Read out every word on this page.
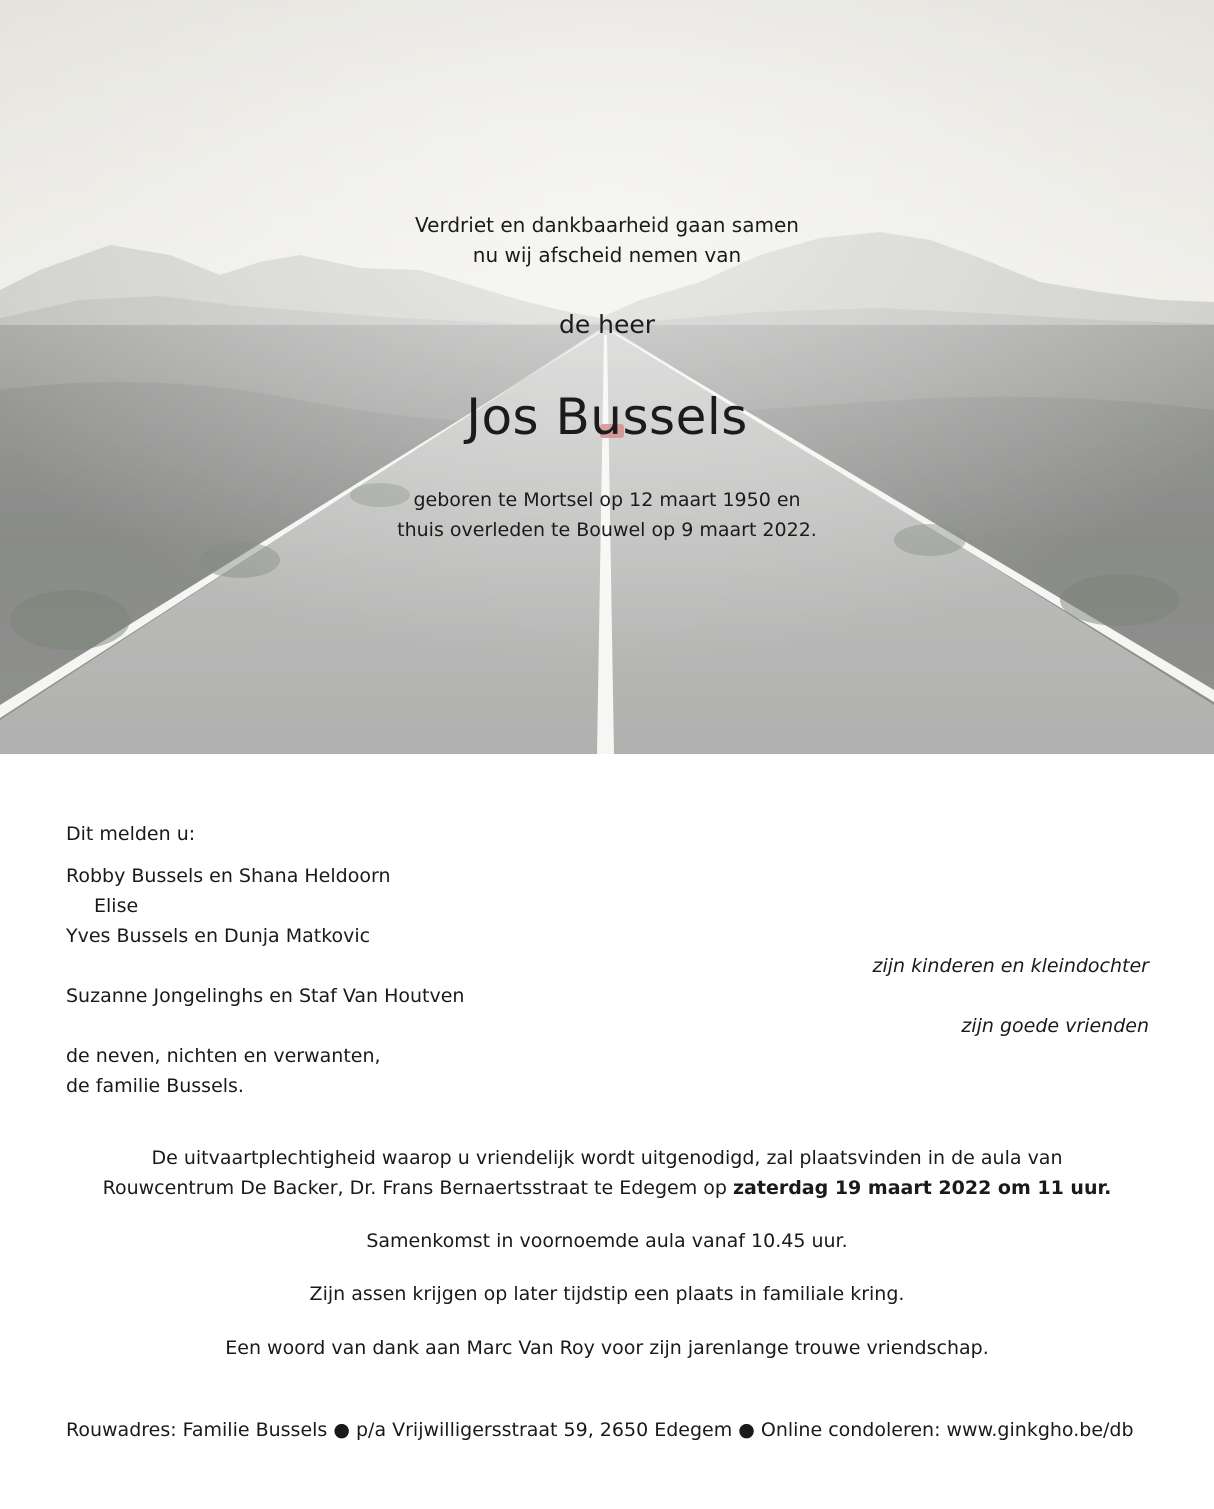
Verdriet en dankbaarheid gaan samen
nu wij afscheid nemen van
de heer
Jos Bussels
geboren te Mortsel op 12 maart 1950 en
thuis overleden te Bouwel op 9 maart 2022.
Dit melden u:
Robby Bussels en Shana Heldoorn
Elise
Yves Bussels en Dunja Matkovic
zijn kinderen en kleindochter
Suzanne Jongelinghs en Staf Van Houtven
zijn goede vrienden
de neven, nichten en verwanten,
de familie Bussels.
De uitvaartplechtigheid waarop u vriendelijk wordt uitgenodigd, zal plaatsvinden in de aula van
Rouwcentrum De Backer, Dr. Frans Bernaertsstraat te Edegem op zaterdag 19 maart 2022 om 11 uur.
Samenkomst in voornoemde aula vanaf 10.45 uur.
Zijn assen krijgen op later tijdstip een plaats in familiale kring.
Een woord van dank aan Marc Van Roy voor zijn jarenlange trouwe vriendschap.
Rouwadres: Familie Bussels ● p/a Vrijwilligersstraat 59, 2650 Edegem ● Online condoleren: www.ginkgho.be/db
